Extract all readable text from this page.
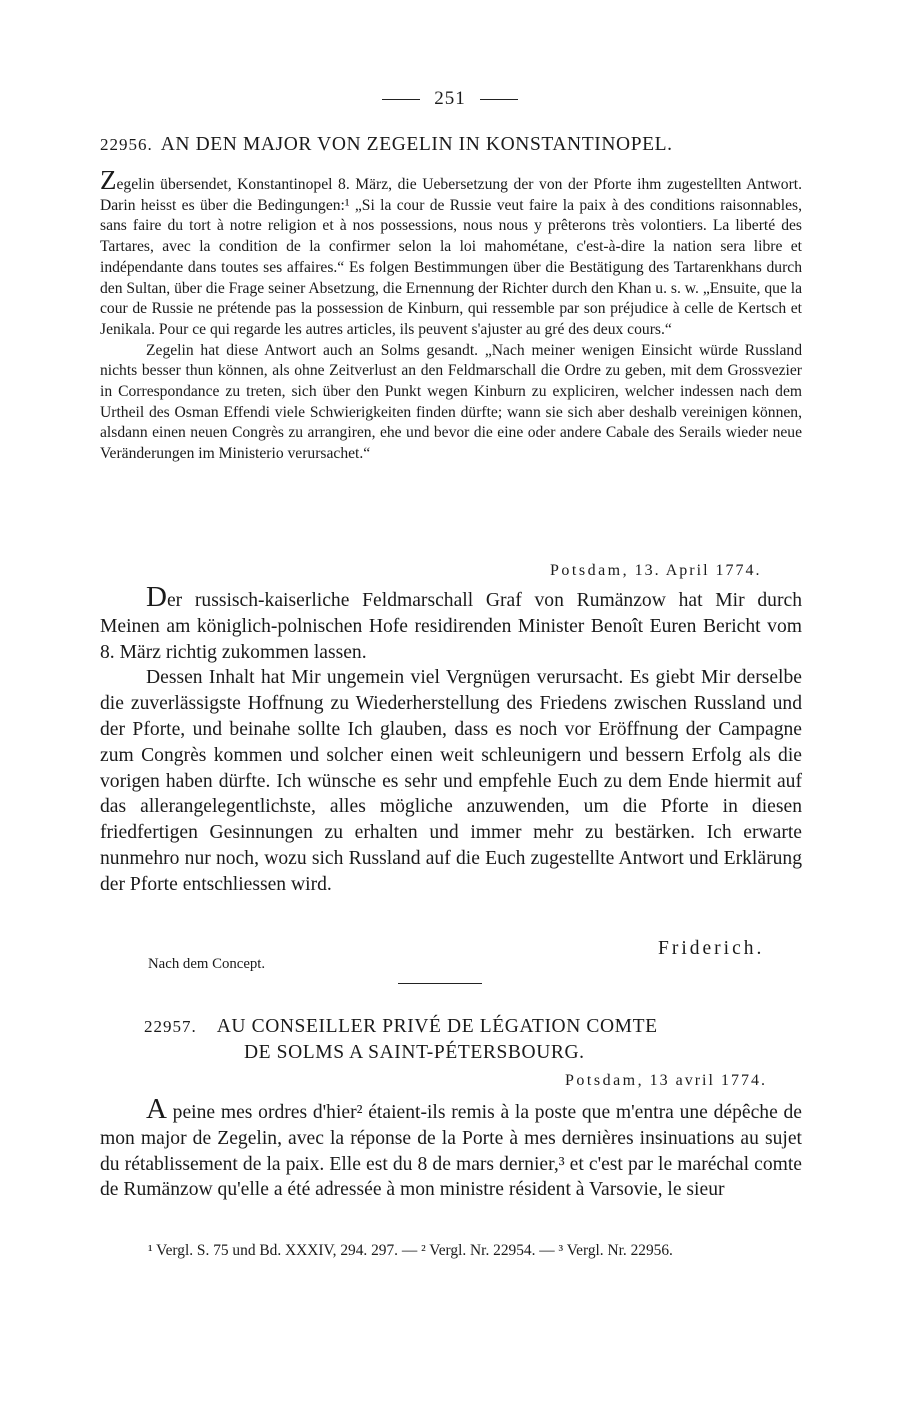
251
22956. AN DEN MAJOR VON ZEGELIN IN KONSTANTINOPEL.

Zegelin übersendet, Konstantinopel 8. März, die Uebersetzung der von der Pforte ihm zugestellten Antwort. Darin heisst es über die Bedingungen:¹ „Si la cour de Russie veut faire la paix à des conditions raisonnables, sans faire du tort à notre religion et à nos possessions, nous nous y prêterons très volontiers. La liberté des Tartares, avec la condition de la confirmer selon la loi mahométane, c'est-à-dire la nation sera libre et indépendante dans toutes ses affaires.“ Es folgen Bestimmungen über die Bestätigung des Tartarenkhans durch den Sultan, über die Frage seiner Absetzung, die Ernennung der Richter durch den Khan u. s. w. „Ensuite, que la cour de Russie ne prétende pas la possession de Kinburn, qui ressemble par son préjudice à celle de Kertsch et Jenikala. Pour ce qui regarde les autres articles, ils peuvent s'ajuster au gré des deux cours.“

Zegelin hat diese Antwort auch an Solms gesandt. „Nach meiner wenigen Einsicht würde Russland nichts besser thun können, als ohne Zeitverlust an den Feldmarschall die Ordre zu geben, mit dem Grossvezier in Correspondance zu treten, sich über den Punkt wegen Kinburn zu expliciren, welcher indessen nach dem Urtheil des Osman Effendi viele Schwierigkeiten finden dürfte; wann sie sich aber deshalb vereinigen können, alsdann einen neuen Congrès zu arrangiren, ehe und bevor die eine oder andere Cabale des Serails wieder neue Veränderungen im Ministerio verursachet.“

Potsdam, 13. April 1774.

Der russisch-kaiserliche Feldmarschall Graf von Rumänzow hat Mir durch Meinen am königlich-polnischen Hofe residirenden Minister Benoît Euren Bericht vom 8. März richtig zukommen lassen.

Dessen Inhalt hat Mir ungemein viel Vergnügen verursacht. Es giebt Mir derselbe die zuverlässigste Hoffnung zu Wiederherstellung des Friedens zwischen Russland und der Pforte, und beinahe sollte Ich glauben, dass es noch vor Eröffnung der Campagne zum Congrès kommen und solcher einen weit schleunigern und bessern Erfolg als die vorigen haben dürfte. Ich wünsche es sehr und empfehle Euch zu dem Ende hiermit auf das allerangelegentlichste, alles mögliche anzuwenden, um die Pforte in diesen friedfertigen Gesinnungen zu erhalten und immer mehr zu bestärken. Ich erwarte nunmehro nur noch, wozu sich Russland auf die Euch zugestellte Antwort und Erklärung der Pforte entschliessen wird.

Friderich.
Nach dem Concept.
22957. AU CONSEILLER PRIVÉ DE LÉGATION COMTE
DE SOLMS A SAINT-PÉTERSBOURG.
Potsdam, 13 avril 1774.

A peine mes ordres d'hier² étaient-ils remis à la poste que m'entra une dépêche de mon major de Zegelin, avec la réponse de la Porte à mes dernières insinuations au sujet du rétablissement de la paix. Elle est du 8 de mars dernier,³ et c'est par le maréchal comte de Rumänzow qu'elle a été adressée à mon ministre résident à Varsovie, le sieur

¹ Vergl. S. 75 und Bd. XXXIV, 294. 297. — ² Vergl. Nr. 22954. — ³ Vergl. Nr. 22956.
